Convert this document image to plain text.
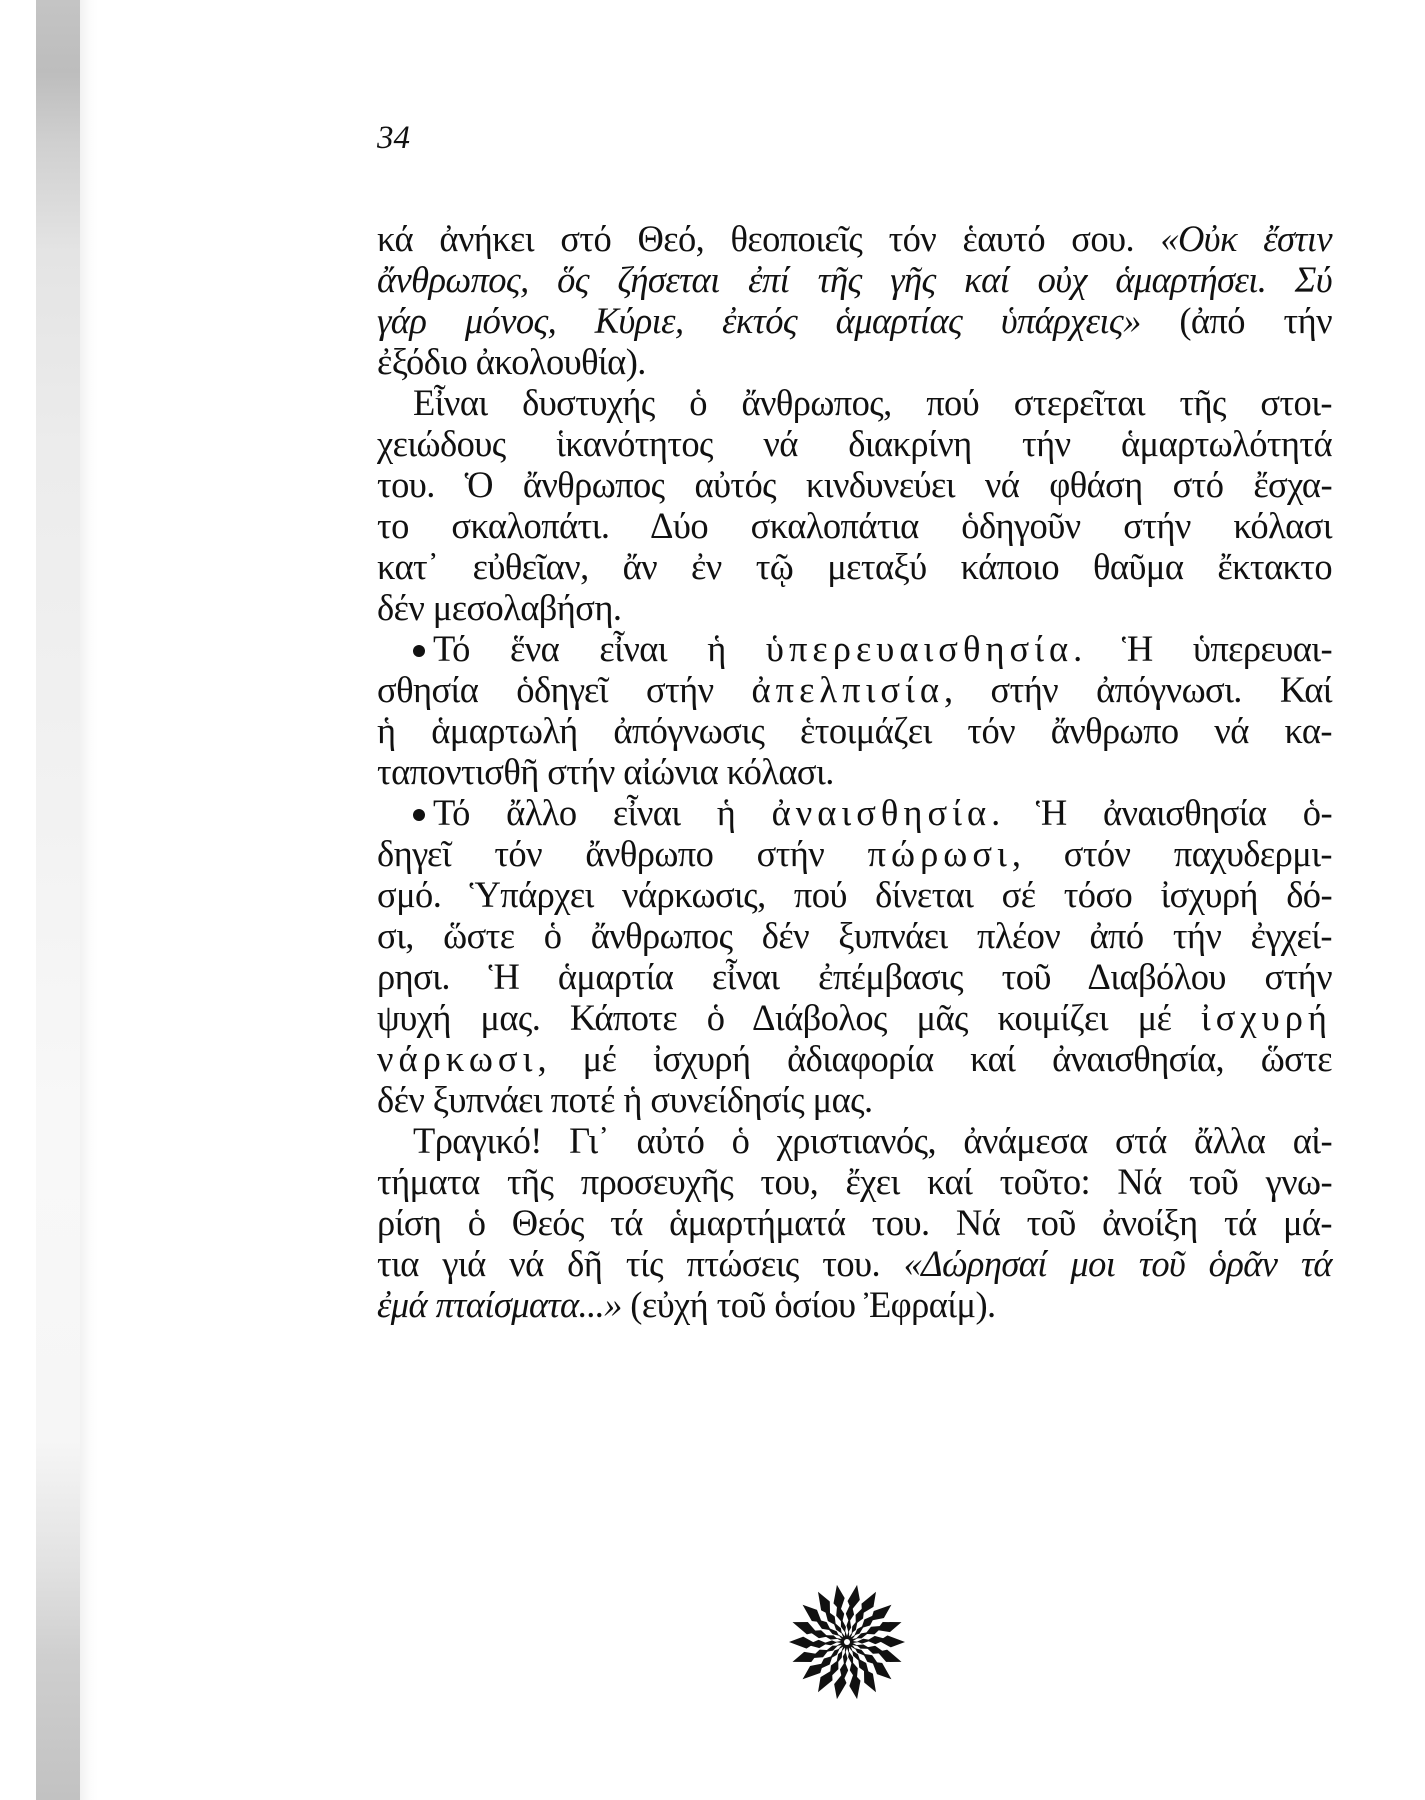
34
κά ἀνήκει στό Θεό, θεοποιεῖς τόν ἑαυτό σου. «Οὐκ ἔστιν
ἄνθρωπος, ὅς ζήσεται ἐπί τῆς γῆς καί οὐχ ἁμαρτήσει. Σύ
γάρ μόνος, Κύριε, ἐκτός ἁμαρτίας ὑπάρχεις» (ἀπό τήν
ἐξόδιο ἀκολουθία).
Εἶναι δυστυχής ὁ ἄνθρωπος, πού στερεῖται τῆς στοι-
χειώδους ἱκανότητος νά διακρίνη τήν ἁμαρτωλότητά
του. Ὁ ἄνθρωπος αὐτός κινδυνεύει νά φθάση στό ἔσχα-
το σκαλοπάτι. Δύο σκαλοπάτια ὁδηγοῦν στήν κόλασι
κατ᾽ εὐθεῖαν, ἄν ἐν τῷ μεταξύ κάποιο θαῦμα ἔκτακτο
δέν μεσολαβήση.
Τό ἕνα εἶναι ἡ ὑπερευαισθησία. Ἡ ὑπερευαι-
σθησία ὁδηγεῖ στήν ἀπελπισία, στήν ἀπόγνωσι. Καί
ἡ ἁμαρτωλή ἀπόγνωσις ἑτοιμάζει τόν ἄνθρωπο νά κα-
ταποντισθῆ στήν αἰώνια κόλασι.
Τό ἄλλο εἶναι ἡ ἀναισθησία. Ἡ ἀναισθησία ὁ-
δηγεῖ τόν ἄνθρωπο στήν πώρωσι, στόν παχυδερμι-
σμό. Ὑπάρχει νάρκωσις, πού δίνεται σέ τόσο ἰσχυρή δό-
σι, ὥστε ὁ ἄνθρωπος δέν ξυπνάει πλέον ἀπό τήν ἐγχεί-
ρησι. Ἡ ἁμαρτία εἶναι ἐπέμβασις τοῦ Διαβόλου στήν
ψυχή μας. Κάποτε ὁ Διάβολος μᾶς κοιμίζει μέ ἰσχυρή
νάρκωσι, μέ ἰσχυρή ἀδιαφορία καί ἀναισθησία, ὥστε
δέν ξυπνάει ποτέ ἡ συνείδησίς μας.
Τραγικό! Γι᾽ αὐτό ὁ χριστιανός, ἀνάμεσα στά ἄλλα αἰ-
τήματα τῆς προσευχῆς του, ἔχει καί τοῦτο: Νά τοῦ γνω-
ρίση ὁ Θεός τά ἁμαρτήματά του. Νά τοῦ ἀνοίξη τά μά-
τια γιά νά δῆ τίς πτώσεις του. «Δώρησαί μοι τοῦ ὁρᾶν τά
ἐμά πταίσματα...» (εὐχή τοῦ ὁσίου Ἐφραίμ).
